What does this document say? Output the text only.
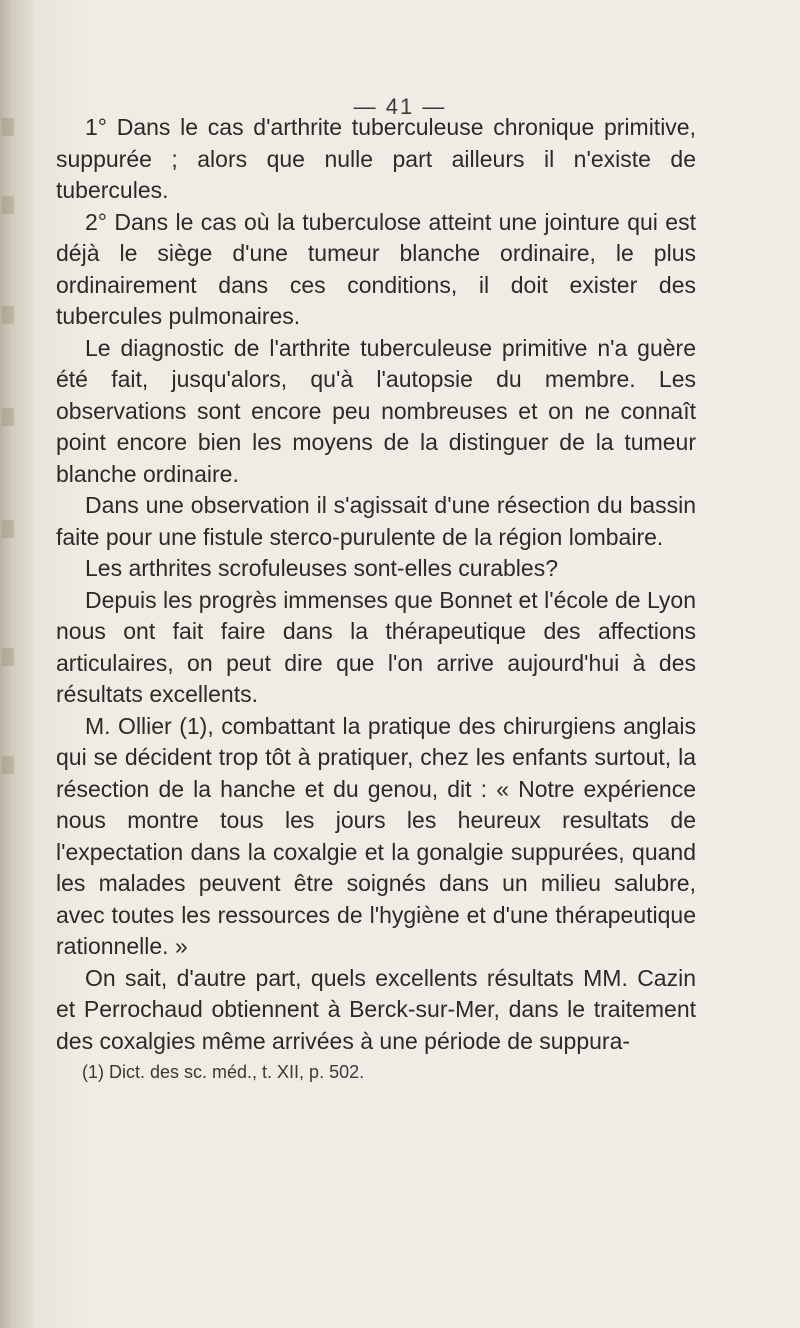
— 41 —

1° Dans le cas d'arthrite tuberculeuse chronique primitive, suppurée ; alors que nulle part ailleurs il n'existe de tubercules.

2° Dans le cas où la tuberculose atteint une jointure qui est déjà le siège d'une tumeur blanche ordinaire, le plus ordinairement dans ces conditions, il doit exister des tubercules pulmonaires.

Le diagnostic de l'arthrite tuberculeuse primitive n'a guère été fait, jusqu'alors, qu'à l'autopsie du membre. Les observations sont encore peu nombreuses et on ne connaît point encore bien les moyens de la distinguer de la tumeur blanche ordinaire.

Dans une observation il s'agissait d'une résection du bassin faite pour une fistule sterco-purulente de la région lombaire.

Les arthrites scrofuleuses sont-elles curables?

Depuis les progrès immenses que Bonnet et l'école de Lyon nous ont fait faire dans la thérapeutique des affections articulaires, on peut dire que l'on arrive aujourd'hui à des résultats excellents.

M. Ollier (1), combattant la pratique des chirurgiens anglais qui se décident trop tôt à pratiquer, chez les enfants surtout, la résection de la hanche et du genou, dit : « Notre expérience nous montre tous les jours les heureux resultats de l'expectation dans la coxalgie et la gonalgie suppurées, quand les malades peuvent être soignés dans un milieu salubre, avec toutes les ressources de l'hygiène et d'une thérapeutique rationnelle. »

On sait, d'autre part, quels excellents résultats MM. Cazin et Perrochaud obtiennent à Berck-sur-Mer, dans le traitement des coxalgies même arrivées à une période de suppura-

(1) Dict. des sc. méd., t. XII, p. 502.
